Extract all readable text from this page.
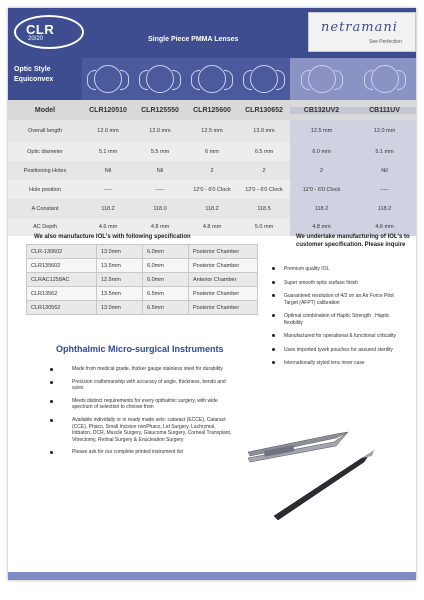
CLR
20/20	Single Piece PMMA Lenses
netramani
See Perfection
Optic Style
Equiconvex
Model	CLR120510	CLR125550	CLR125600	CLR130652	CB132UV2	CB111UV
Overall length	12.0 mm	12.0 mm	12.5 mm	13.0 mm	12.5 mm	12.0 mm
Optic diameter	5.1 mm	5.5 mm	6 mm	6.5 mm	6.0 mm	5.1 mm
Positioning Holes	Nil	Nil	2	2	2	Nil
Hole position	-----	-----	12'0 - 6'0 Clock	12'0 - 6'0 Clock	12'0 - 6'0 Clock	-----
A Constant	118.2	118.0	118.2	118.5	118.2	118.2
AC Depth	4.6 mm	4.8 mm	4.8 mm	5.0 mm	4.8 mm	4.6 mm
We also manufacture IOL's with following specification
CLR-130602	13.0mm	6.0mm	Posterior Chamber
CLR135602	13.5mm	6.0mm	Posterior Chamber
CLRAC1258AC	12.5mm	6.0mm	Anterior Chamber
CLR13562	13.5mm	6.5mm	Posterior Chamber
CLR130562	13.0mm	6.5mm	Posterior Chamber
We undertake manufacturing of IOL's to customer specification. Please inquire
Premium quality IOL
Super smooth optic surface finish
Guaranteed resolution of 4/2 on an Air Force Pilot Target (AFPT) calibration
Optimal combination of Haptic Strength : Haptic flexibility
Manufactured for operational & functional criticality
Uses imported tyvek pouches for assured sterility
Internationally styled lens inner case
Ophthalmic Micro-surgical Instruments
Made from medical grade, thicker gauge stainless steel for durability
Precision craftsmanship with accuracy of angle, thickness, bends and sizes
Meets distinct requirements for every opthalmic surgery, with wide spectrum of selection to choose from
Available individally or in ready made sets: cataract (ECCE), Cataract (CCE), Phaco, Small Incision nonPhaco, Lid Surgery, Lachrymal, Intbaton, DCR, Muscle Surgery, Glaucoma Surgery, Corneal Transplant, Vitrectomy, Retinal Surgery & Enucleation Surgery
Please ask for our complete printed instrument list
